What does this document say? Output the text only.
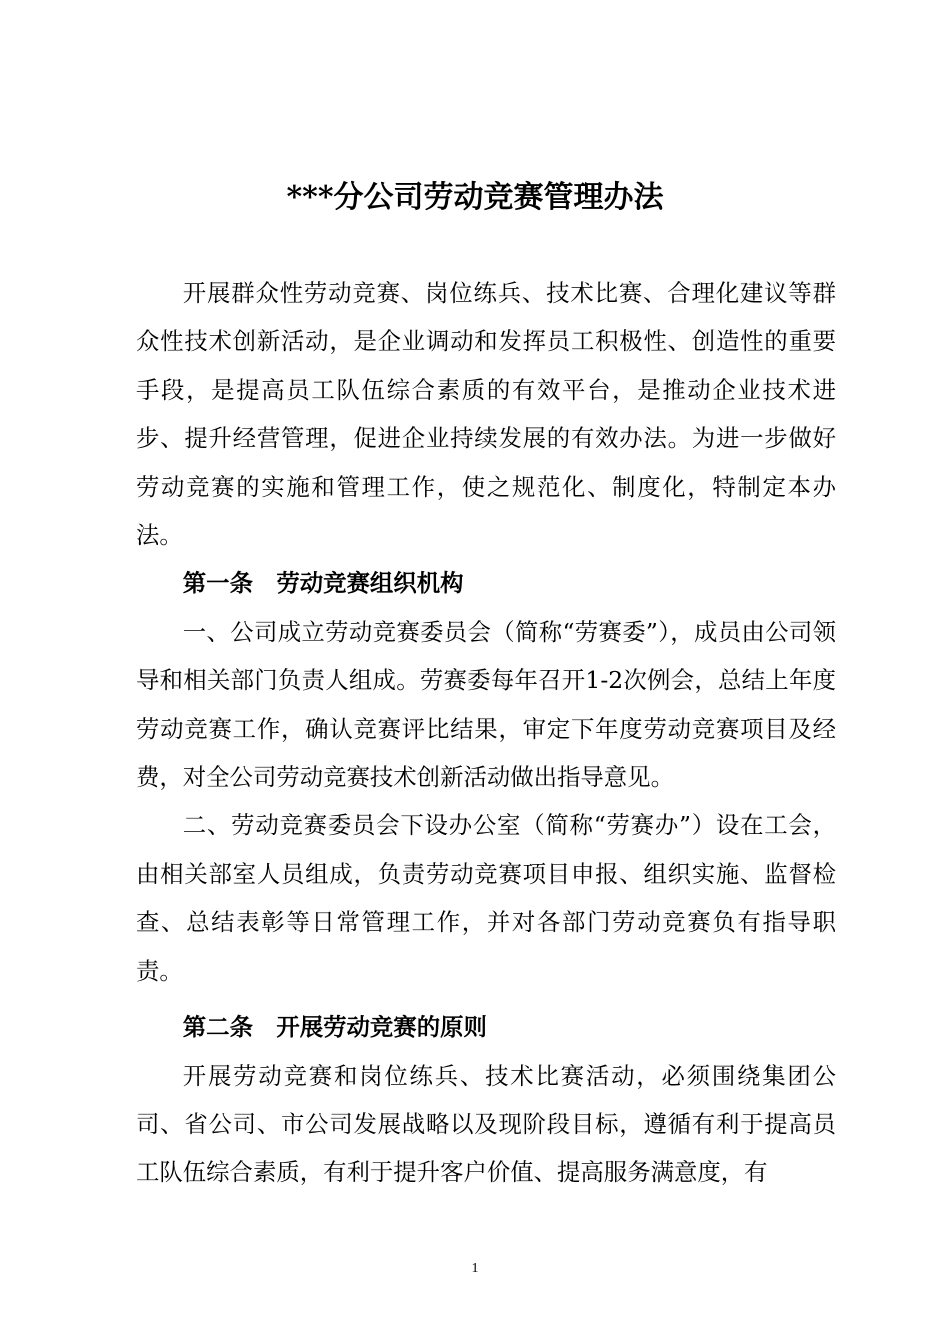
***分公司劳动竞赛管理办法

开展群众性劳动竞赛、岗位练兵、技术比赛、合理化建议等群众性技术创新活动，是企业调动和发挥员工积极性、创造性的重要手段，是提高员工队伍综合素质的有效平台，是推动企业技术进步、提升经营管理，促进企业持续发展的有效办法。为进一步做好劳动竞赛的实施和管理工作，使之规范化、制度化，特制定本办法。

第一条　劳动竞赛组织机构

一、公司成立劳动竞赛委员会（简称“劳赛委”），成员由公司领导和相关部门负责人组成。劳赛委每年召开1-2次例会，总结上年度劳动竞赛工作，确认竞赛评比结果，审定下年度劳动竞赛项目及经费，对全公司劳动竞赛技术创新活动做出指导意见。

二、劳动竞赛委员会下设办公室（简称“劳赛办”）设在工会，由相关部室人员组成，负责劳动竞赛项目申报、组织实施、监督检查、总结表彰等日常管理工作，并对各部门劳动竞赛负有指导职责。

第二条　开展劳动竞赛的原则

开展劳动竞赛和岗位练兵、技术比赛活动，必须围绕集团公司、省公司、市公司发展战略以及现阶段目标，遵循有利于提高员工队伍综合素质，有利于提升客户价值、提高服务满意度，有

1
